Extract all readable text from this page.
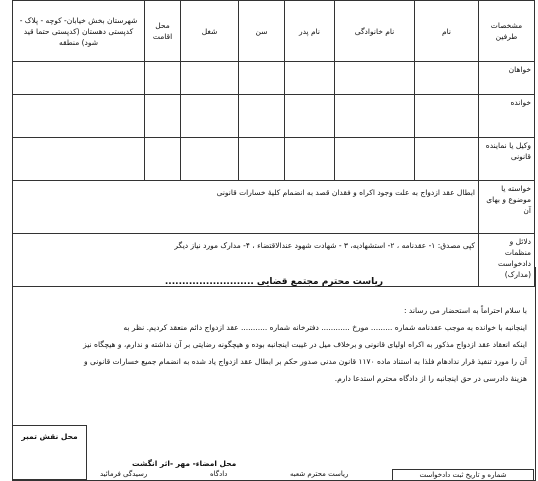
مشخصات طرفین	نام	نام خانوادگی	نام پدر	سن	شغل	محل اقامت	شهرستان بخش خیابان- کوچه - پلاک - کدپستی دهستان (کدپستی حتما قید شود) منطقه
خواهان							
خوانده							
وکیل یا نماینده قانونی							
خواسته یا موضوع و بهای آن	ابطال عقد ازدواج به علت وجود اکراه و فقدان قصد به انضمام کلیۀ خسارات قانونی						
دلائل و منظمات دادخواست (مدارک)	کپی مصدق: ۱- عقدنامه ، ۲- استشهادیه، ۳ - شهادت شهود عندالاقتضاء ، ۴- مدارک مورد نیاز دیگر						
ریاست محترم مجتمع قضایی ..........................
با سلام احتراماً به استحضار می رساند :
اینجانبه با خوانده به موجب عقدنامه شماره ......... مورخ ............ دفترخانه شماره ........... عقد ازدواج دائم منعقد کردیم. نظر به
اینکه انعقاد عقد ازدواج مذکور به اکراه اولیای قانونی و برخلاف میل در غیبت اینجانبه بوده و هیچگونه رضایتی بر آن نداشته و ندارم، و هیچگاه نیز
آن را مورد تنفیذ قرار ندادهام فلذا به استناد ماده ۱۱۷۰ قانون مدنی صدور حکم بر ابطال عقد ازدواج یاد شده به انضمام جمیع خسارات قانونی و
هزینۀ دادرسی در حق اینجانبه را از دادگاه محترم استدعا دارم.
محل نقش تمبر
محل امضاء- مهر -اثر انگشت
شماره و تاریخ ثبت دادخواست
دادگاه	ریاست محترم شعبه
رسیدگی فرمائید
